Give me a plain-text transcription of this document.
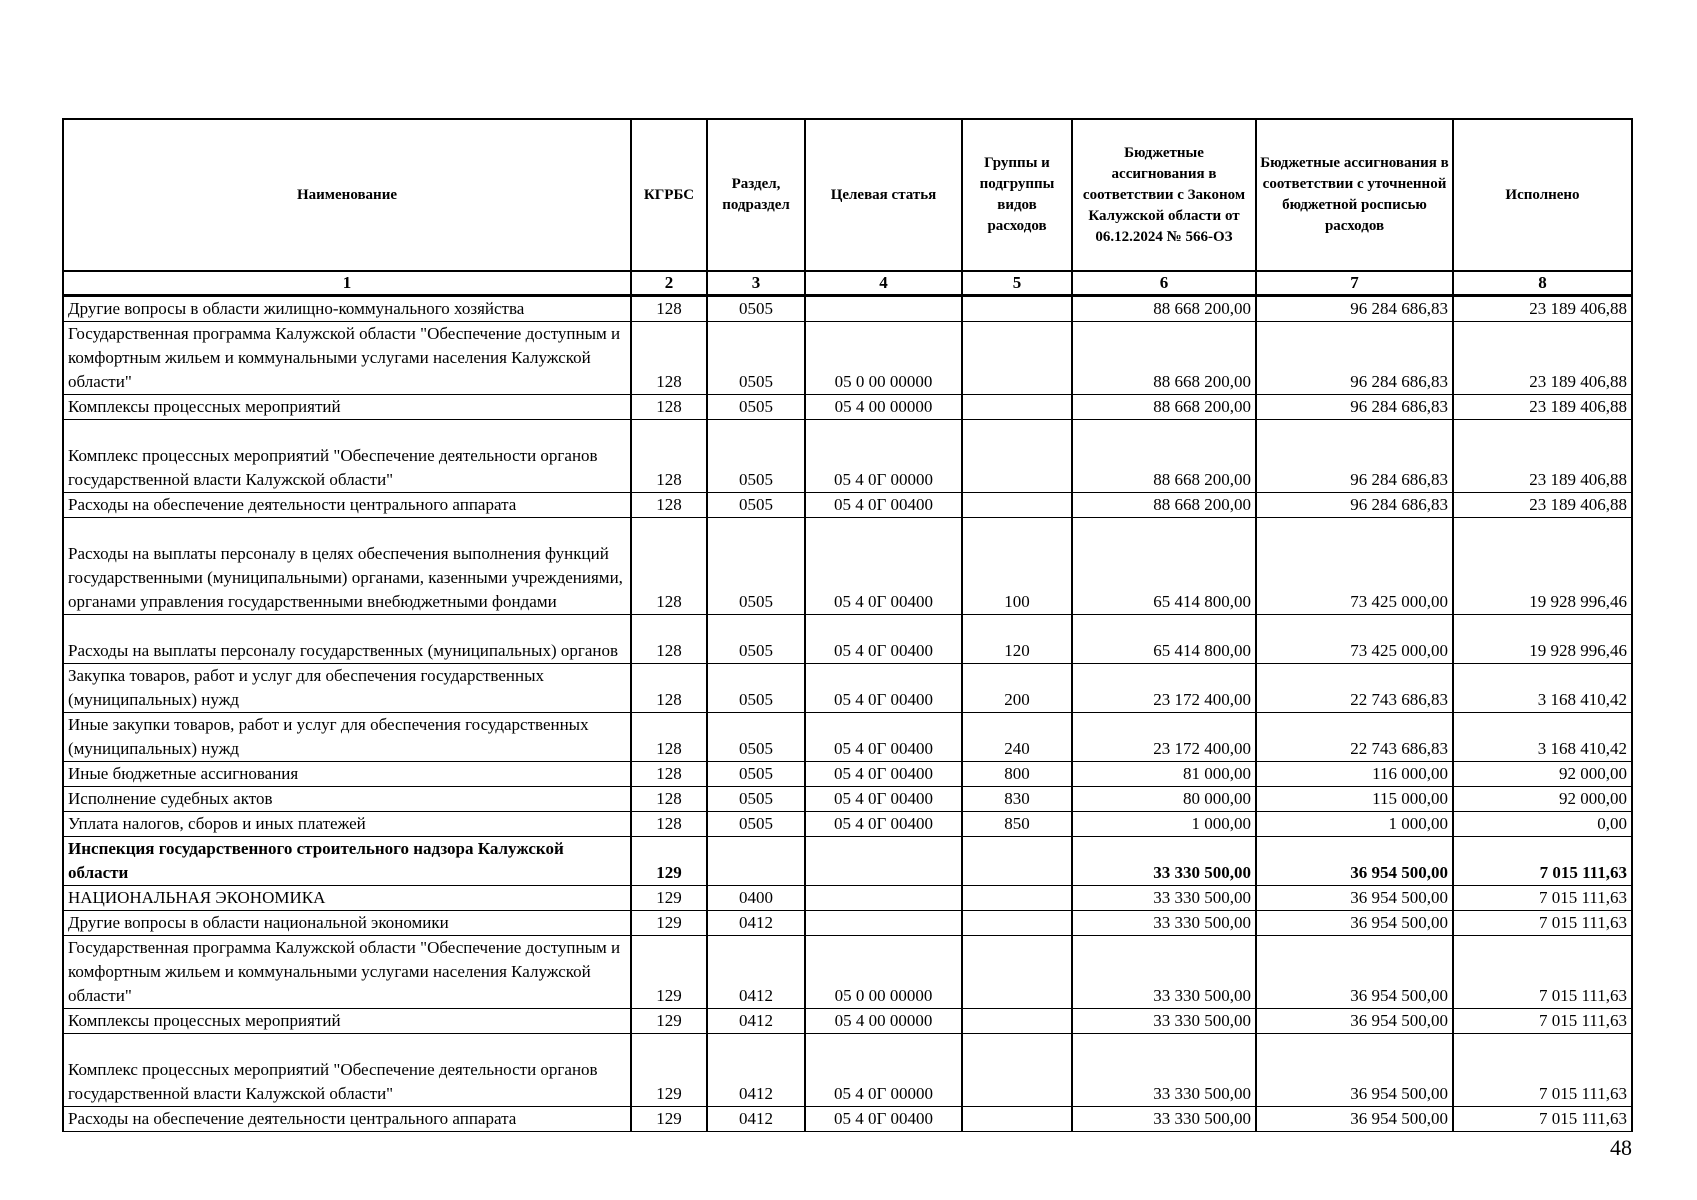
Наименование	КГРБС	Раздел, подраздел	Целевая статья	Группы и подгруппы видов расходов	Бюджетные ассигнования в соответствии с Законом Калужской области от 06.12.2024 № 566-ОЗ	Бюджетные ассигнования в соответствии с уточненной бюджетной росписью расходов	Исполнено
1	2	3	4	5	6	7	8
Другие вопросы в области жилищно-коммунального хозяйства	128	0505			88 668 200,00	96 284 686,83	23 189 406,88
Государственная программа Калужской области "Обеспечение доступным и комфортным жильем и коммунальными услугами населения Калужской области"	128	0505	05 0 00 00000		88 668 200,00	96 284 686,83	23 189 406,88
Комплексы процессных мероприятий	128	0505	05 4 00 00000		88 668 200,00	96 284 686,83	23 189 406,88
Комплекс процессных мероприятий "Обеспечение деятельности органов государственной власти Калужской области"	128	0505	05 4 0Г 00000		88 668 200,00	96 284 686,83	23 189 406,88
Расходы на обеспечение деятельности центрального аппарата	128	0505	05 4 0Г 00400		88 668 200,00	96 284 686,83	23 189 406,88
Расходы на выплаты персоналу в целях обеспечения выполнения функций государственными (муниципальными) органами, казенными учреждениями, органами управления государственными внебюджетными фондами	128	0505	05 4 0Г 00400	100	65 414 800,00	73 425 000,00	19 928 996,46
Расходы на выплаты персоналу государственных (муниципальных) органов	128	0505	05 4 0Г 00400	120	65 414 800,00	73 425 000,00	19 928 996,46
Закупка товаров, работ и услуг для обеспечения государственных (муниципальных) нужд	128	0505	05 4 0Г 00400	200	23 172 400,00	22 743 686,83	3 168 410,42
Иные закупки товаров, работ и услуг для обеспечения государственных (муниципальных) нужд	128	0505	05 4 0Г 00400	240	23 172 400,00	22 743 686,83	3 168 410,42
Иные бюджетные ассигнования	128	0505	05 4 0Г 00400	800	81 000,00	116 000,00	92 000,00
Исполнение судебных актов	128	0505	05 4 0Г 00400	830	80 000,00	115 000,00	92 000,00
Уплата налогов, сборов и иных платежей	128	0505	05 4 0Г 00400	850	1 000,00	1 000,00	0,00
Инспекция государственного строительного надзора Калужской области	129				33 330 500,00	36 954 500,00	7 015 111,63
НАЦИОНАЛЬНАЯ ЭКОНОМИКА	129	0400			33 330 500,00	36 954 500,00	7 015 111,63
Другие вопросы в области национальной экономики	129	0412			33 330 500,00	36 954 500,00	7 015 111,63
Государственная программа Калужской области "Обеспечение доступным и комфортным жильем и коммунальными услугами населения Калужской области"	129	0412	05 0 00 00000		33 330 500,00	36 954 500,00	7 015 111,63
Комплексы процессных мероприятий	129	0412	05 4 00 00000		33 330 500,00	36 954 500,00	7 015 111,63
Комплекс процессных мероприятий "Обеспечение деятельности органов государственной власти Калужской области"	129	0412	05 4 0Г 00000		33 330 500,00	36 954 500,00	7 015 111,63
Расходы на обеспечение деятельности центрального аппарата	129	0412	05 4 0Г 00400		33 330 500,00	36 954 500,00	7 015 111,63
48
